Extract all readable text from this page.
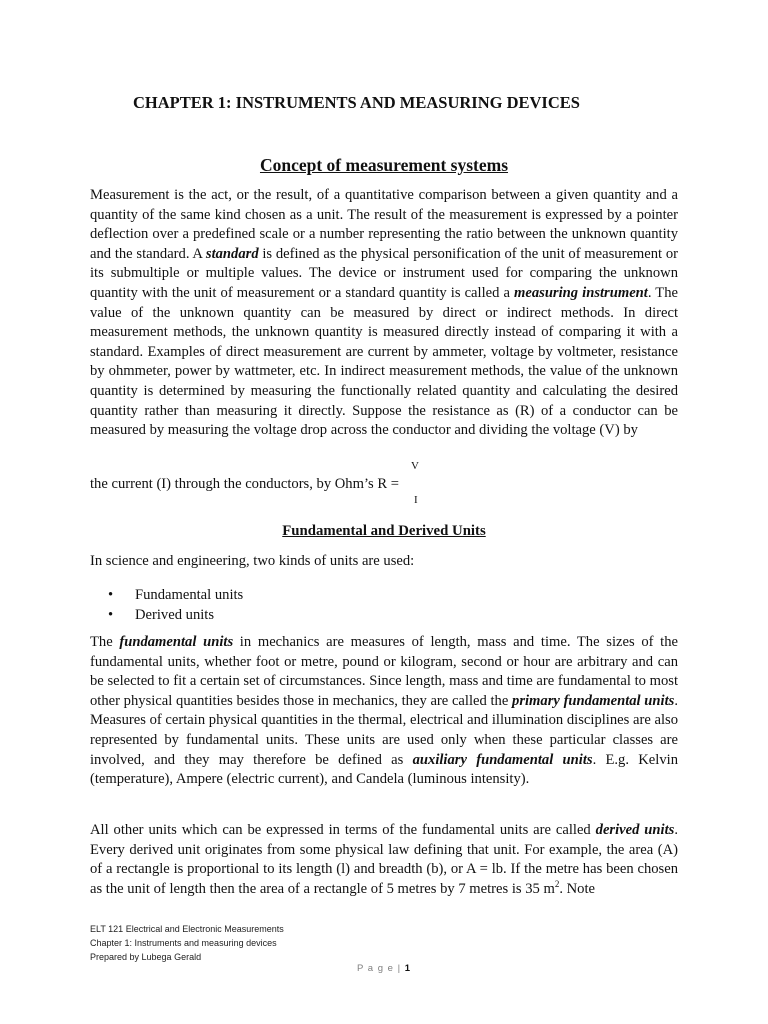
CHAPTER 1: INSTRUMENTS AND MEASURING DEVICES
Concept of measurement systems
Measurement is the act, or the result, of a quantitative comparison between a given quantity and a quantity of the same kind chosen as a unit. The result of the measurement is expressed by a pointer deflection over a predefined scale or a number representing the ratio between the unknown quantity and the standard. A standard is defined as the physical personification of the unit of measurement or its submultiple or multiple values. The device or instrument used for comparing the unknown quantity with the unit of measurement or a standard quantity is called a measuring instrument. The value of the unknown quantity can be measured by direct or indirect methods. In direct measurement methods, the unknown quantity is measured directly instead of comparing it with a standard. Examples of direct measurement are current by ammeter, voltage by voltmeter, resistance by ohmmeter, power by wattmeter, etc. In indirect measurement methods, the value of the unknown quantity is determined by measuring the functionally related quantity and calculating the desired quantity rather than measuring it directly. Suppose the resistance as (R) of a conductor can be measured by measuring the voltage drop across the conductor and dividing the voltage (V) by
the current (I) through the conductors, by Ohm’s R =
V
I
Fundamental and Derived Units
In science and engineering, two kinds of units are used:
• Fundamental units
• Derived units
The fundamental units in mechanics are measures of length, mass and time. The sizes of the fundamental units, whether foot or metre, pound or kilogram, second or hour are arbitrary and can be selected to fit a certain set of circumstances. Since length, mass and time are fundamental to most other physical quantities besides those in mechanics, they are called the primary fundamental units. Measures of certain physical quantities in the thermal, electrical and illumination disciplines are also represented by fundamental units. These units are used only when these particular classes are involved, and they may therefore be defined as auxiliary fundamental units. E.g. Kelvin (temperature), Ampere (electric current), and Candela (luminous intensity).
All other units which can be expressed in terms of the fundamental units are called derived units. Every derived unit originates from some physical law defining that unit. For example, the area (A) of a rectangle is proportional to its length (l) and breadth (b), or A = lb. If the metre has been chosen as the unit of length then the area of a rectangle of 5 metres by 7 metres is 35 $m^2$. Note
ELT 121 Electrical and Electronic Measurements
Chapter 1: Instruments and measuring devices
Prepared by Lubega Gerald
P a g e | 1
